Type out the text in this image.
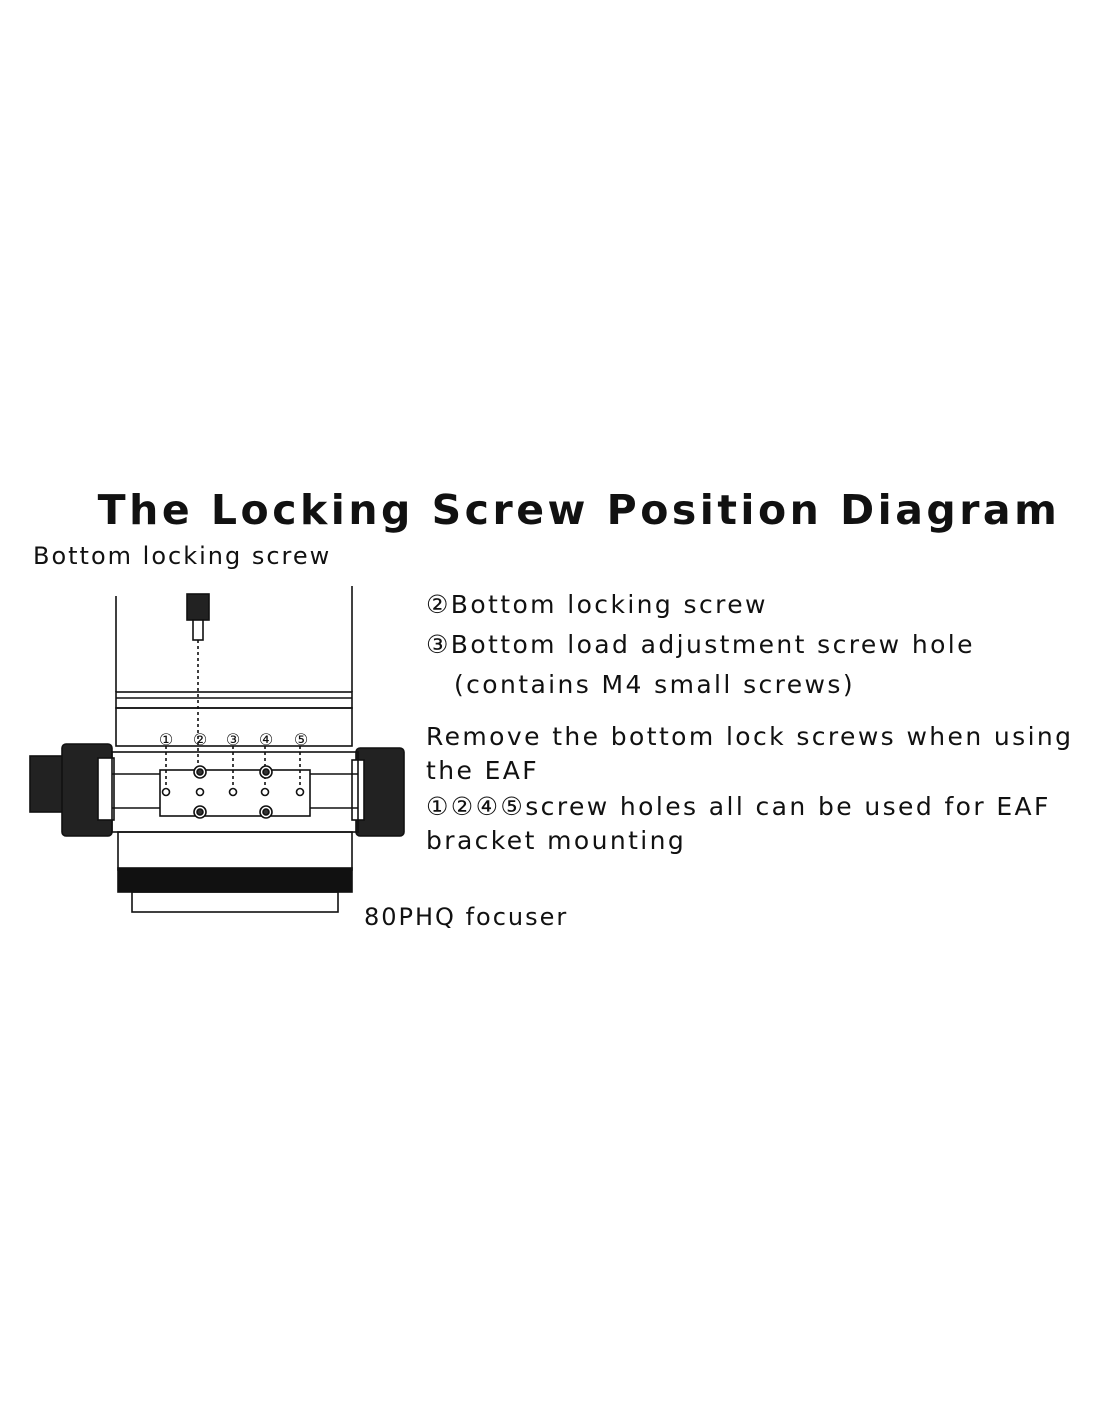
The Locking Screw Position Diagram
Bottom locking screw
80PHQ focuser
① ② ③ ④ ⑤
②Bottom locking screw
③Bottom load adjustment screw hole
(contains M4 small screws)
Remove the bottom lock screws when using the EAF
①②④⑤screw holes all can be used for EAF bracket mounting
